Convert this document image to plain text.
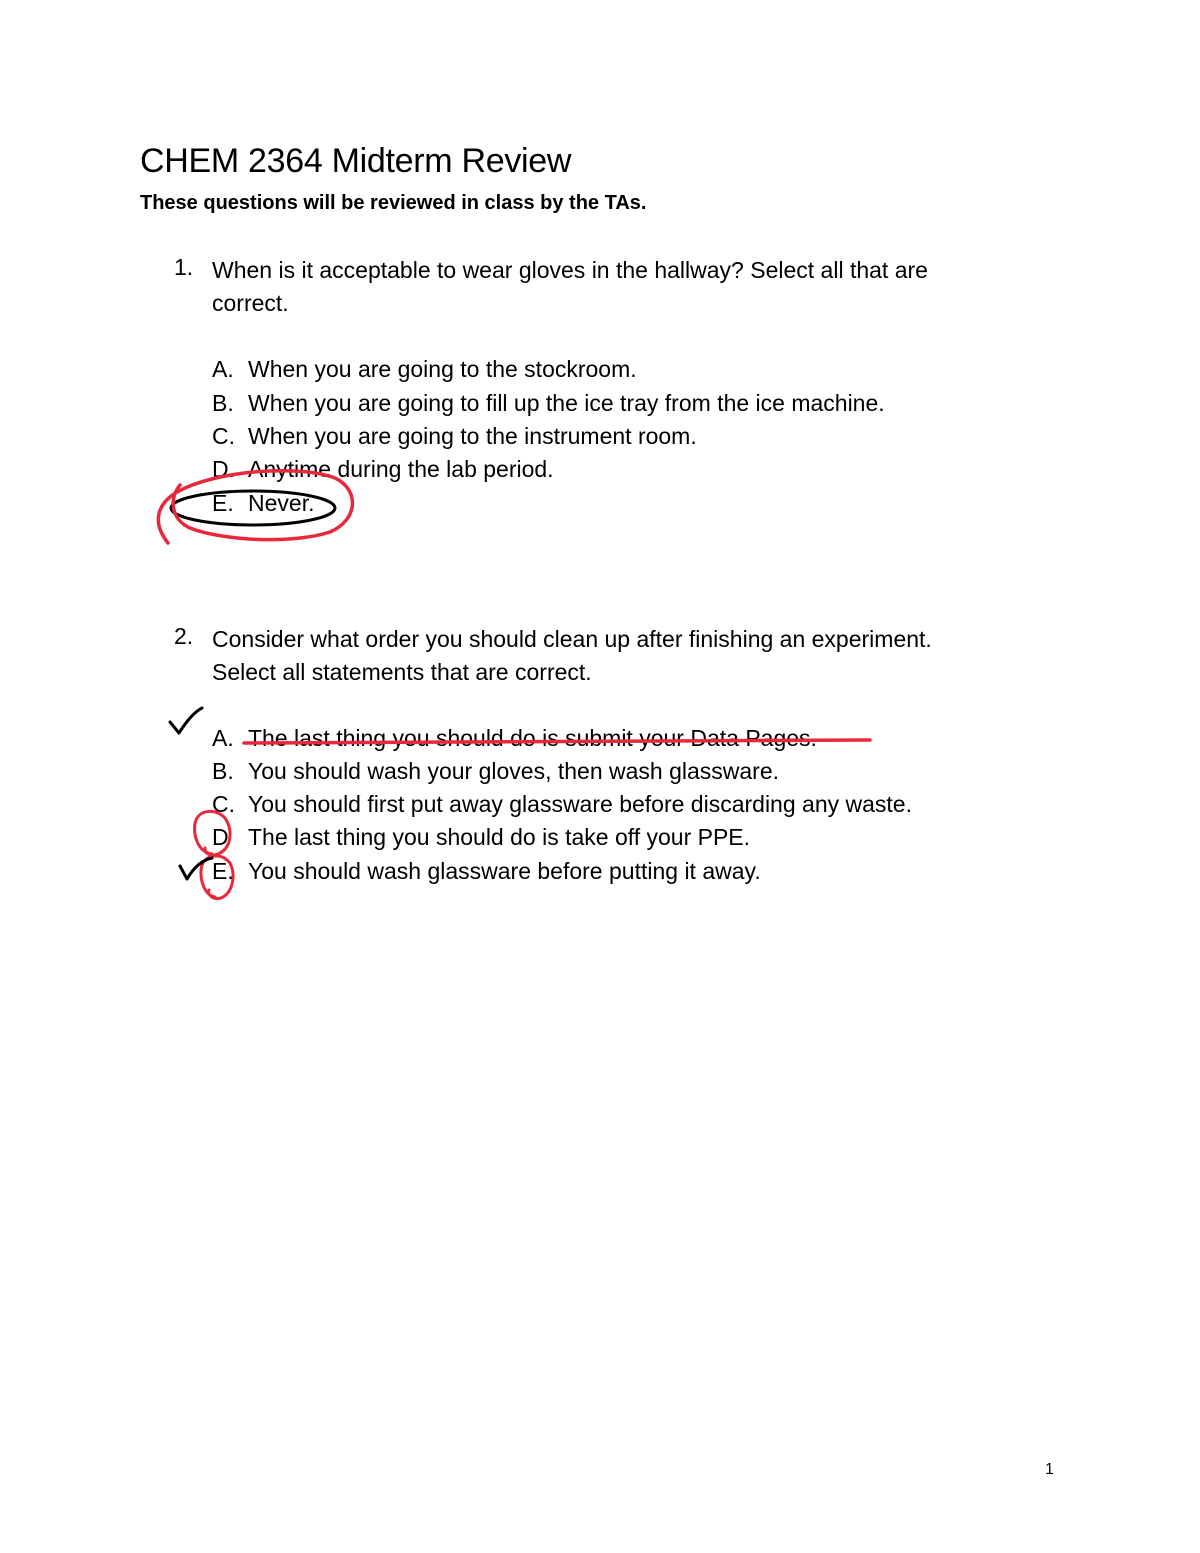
CHEM 2364 Midterm Review

These questions will be reviewed in class by the TAs.

1. When is it acceptable to wear gloves in the hallway? Select all that are
correct.
A. When you are going to the stockroom.
B. When you are going to fill up the ice tray from the ice machine.
C. When you are going to the instrument room.
D. Anytime during the lab period.
E. Never.
2. Consider what order you should clean up after finishing an experiment.
Select all statements that are correct.
A. The last thing you should do is submit your Data Pages.
B. You should wash your gloves, then wash glassware.
C. You should first put away glassware before discarding any waste.
D The last thing you should do is take off your PPE.
E. You should wash glassware before putting it away.
1
